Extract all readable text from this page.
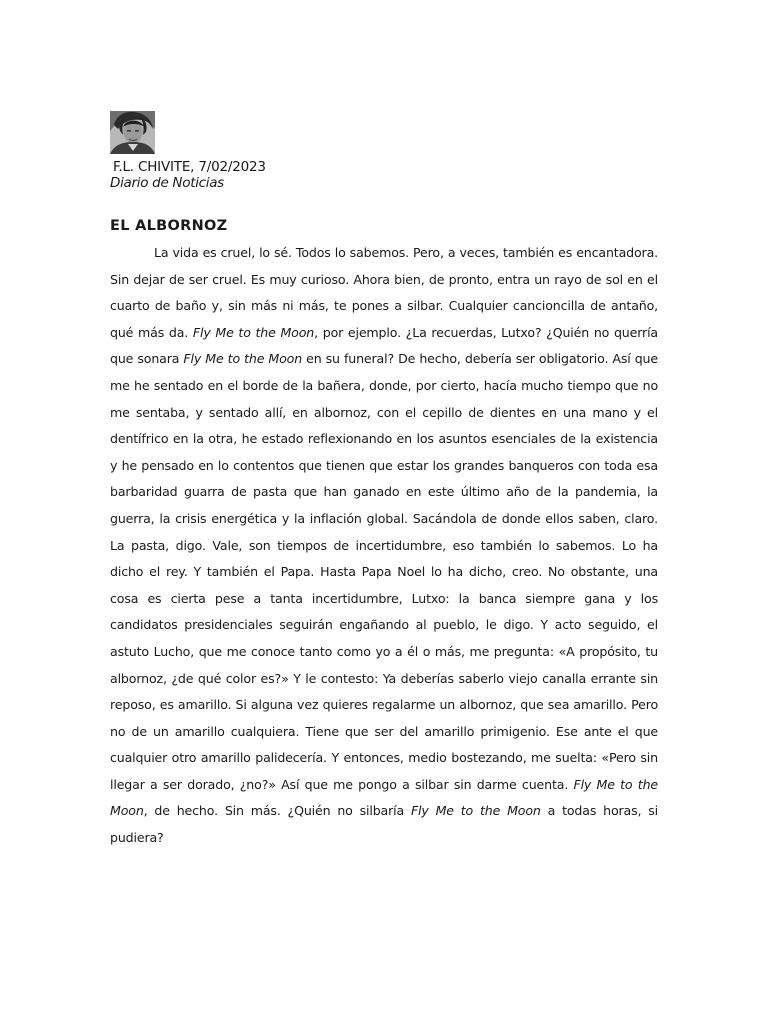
F.L. CHIVITE, 7/02/2023
Diario de Noticias
EL ALBORNOZ

La vida es cruel, lo sé. Todos lo sabemos. Pero, a veces, también es encantadora. Sin dejar de ser cruel. Es muy curioso. Ahora bien, de pronto, entra un rayo de sol en el cuarto de baño y, sin más ni más, te pones a silbar. Cualquier cancioncilla de antaño, qué más da. Fly Me to the Moon, por ejemplo. ¿La recuerdas, Lutxo? ¿Quién no querría que sonara Fly Me to the Moon en su funeral? De hecho, debería ser obligatorio. Así que me he sentado en el borde de la bañera, donde, por cierto, hacía mucho tiempo que no me sentaba, y sentado allí, en albornoz, con el cepillo de dientes en una mano y el dentífrico en la otra, he estado reflexionando en los asuntos esenciales de la existencia y he pensado en lo contentos que tienen que estar los grandes banqueros con toda esa barbaridad guarra de pasta que han ganado en este último año de la pandemia, la guerra, la crisis energética y la inflación global. Sacándola de donde ellos saben, claro. La pasta, digo. Vale, son tiempos de incertidumbre, eso también lo sabemos. Lo ha dicho el rey. Y también el Papa. Hasta Papa Noel lo ha dicho, creo. No obstante, una cosa es cierta pese a tanta incertidumbre, Lutxo: la banca siempre gana y los candidatos presidenciales seguirán engañando al pueblo, le digo. Y acto seguido, el astuto Lucho, que me conoce tanto como yo a él o más, me pregunta: «A propósito, tu albornoz, ¿de qué color es?» Y le contesto: Ya deberías saberlo viejo canalla errante sin reposo, es amarillo. Si alguna vez quieres regalarme un albornoz, que sea amarillo. Pero no de un amarillo cualquiera. Tiene que ser del amarillo primigenio. Ese ante el que cualquier otro amarillo palidecería. Y entonces, medio bostezando, me suelta: «Pero sin llegar a ser dorado, ¿no?» Así que me pongo a silbar sin darme cuenta. Fly Me to the Moon, de hecho. Sin más. ¿Quién no silbaría Fly Me to the Moon a todas horas, si pudiera?
